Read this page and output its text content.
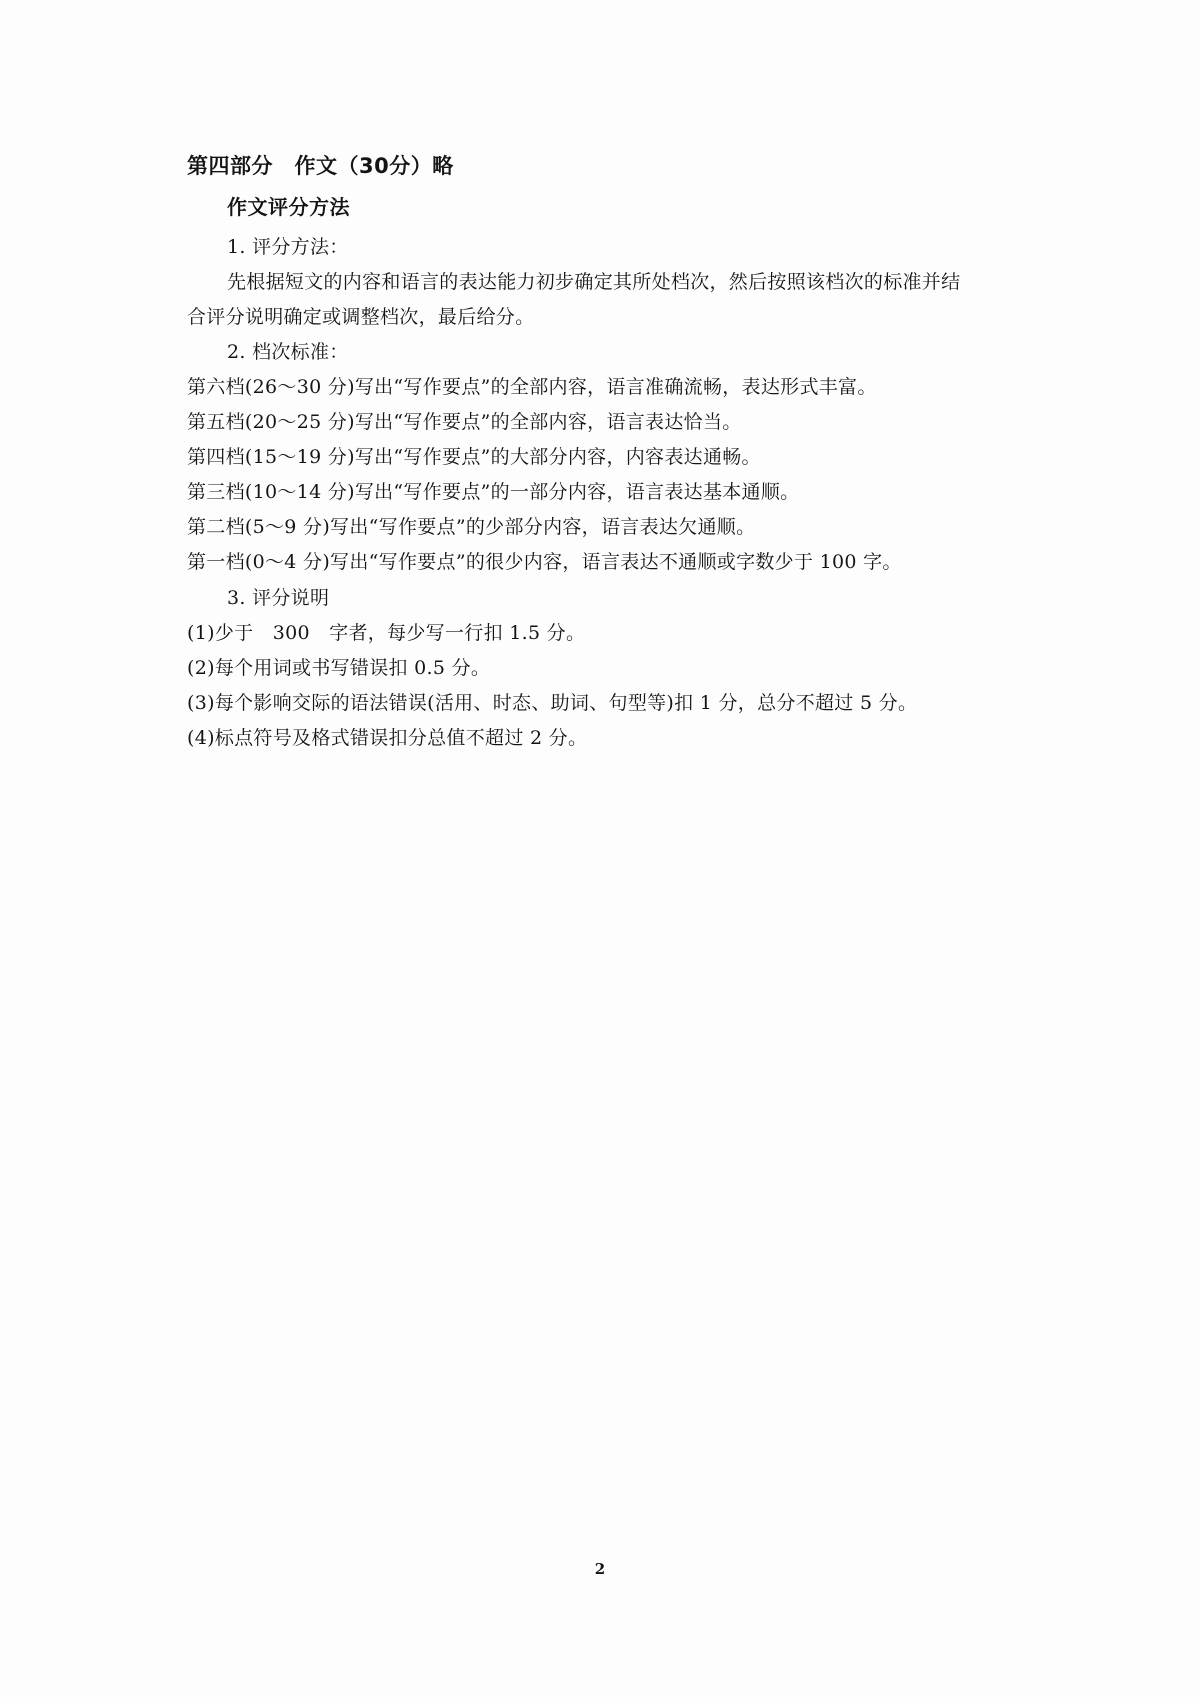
第四部分　作文（30分）略
作文评分方法
1. 评分方法：
先根据短文的内容和语言的表达能力初步确定其所处档次，然后按照该档次的标准并结
合评分说明确定或调整档次，最后给分。
2. 档次标准：
第六档(26～30 分)写出“写作要点”的全部内容，语言准确流畅，表达形式丰富。
第五档(20～25 分)写出“写作要点”的全部内容，语言表达恰当。
第四档(15～19 分)写出“写作要点”的大部分内容，内容表达通畅。
第三档(10～14 分)写出“写作要点”的一部分内容，语言表达基本通顺。
第二档(5～9 分)写出“写作要点”的少部分内容，语言表达欠通顺。
第一档(0～4 分)写出“写作要点”的很少内容，语言表达不通顺或字数少于 100 字。
3. 评分说明
(1)少于　300　字者，每少写一行扣 1.5 分。
(2)每个用词或书写错误扣 0.5 分。
(3)每个影响交际的语法错误(活用、时态、助词、句型等)扣 1 分，总分不超过 5 分。
(4)标点符号及格式错误扣分总值不超过 2 分。
2
